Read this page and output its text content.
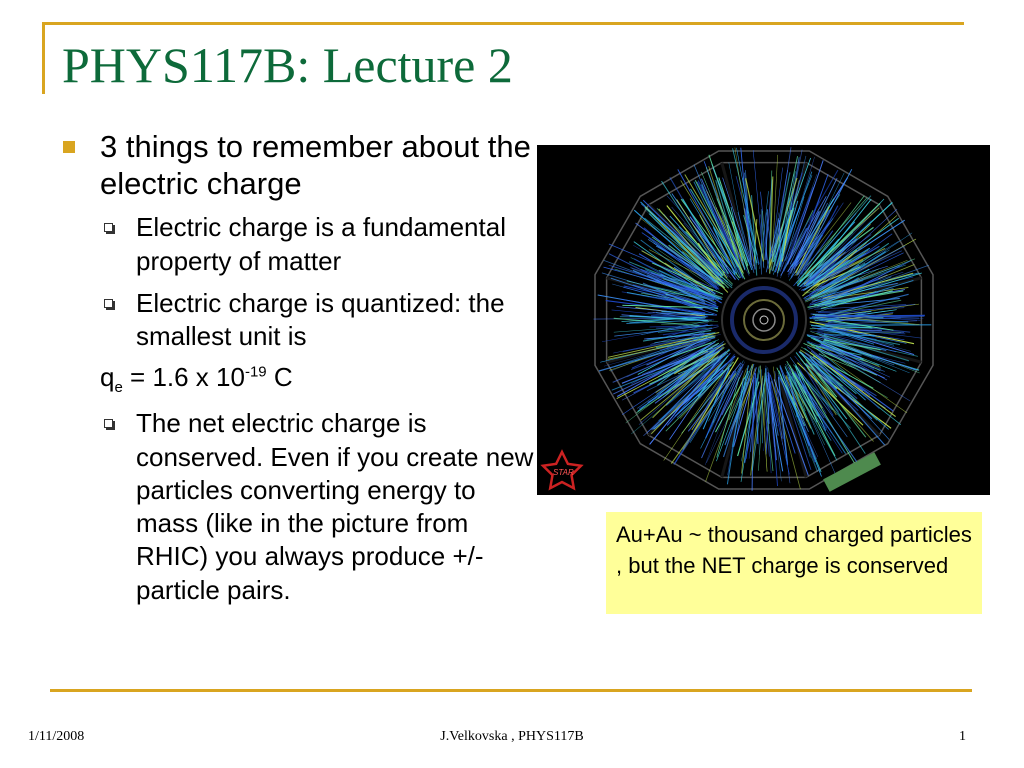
PHYS117B: Lecture 2
3 things to remember about the electric charge
Electric charge is a fundamental property of matter
Electric charge is quantized: the smallest unit is
$q_e = 1.6$ x $10^{-19}$ C
The net electric charge is conserved. Even if you create new particles converting energy to mass (like in the picture from RHIC) you always produce +/- particle pairs.
STAR
Au+Au ~ thousand charged particles , but the NET charge is conserved
1/11/2008	J.Velkovska , PHYS117B	1
